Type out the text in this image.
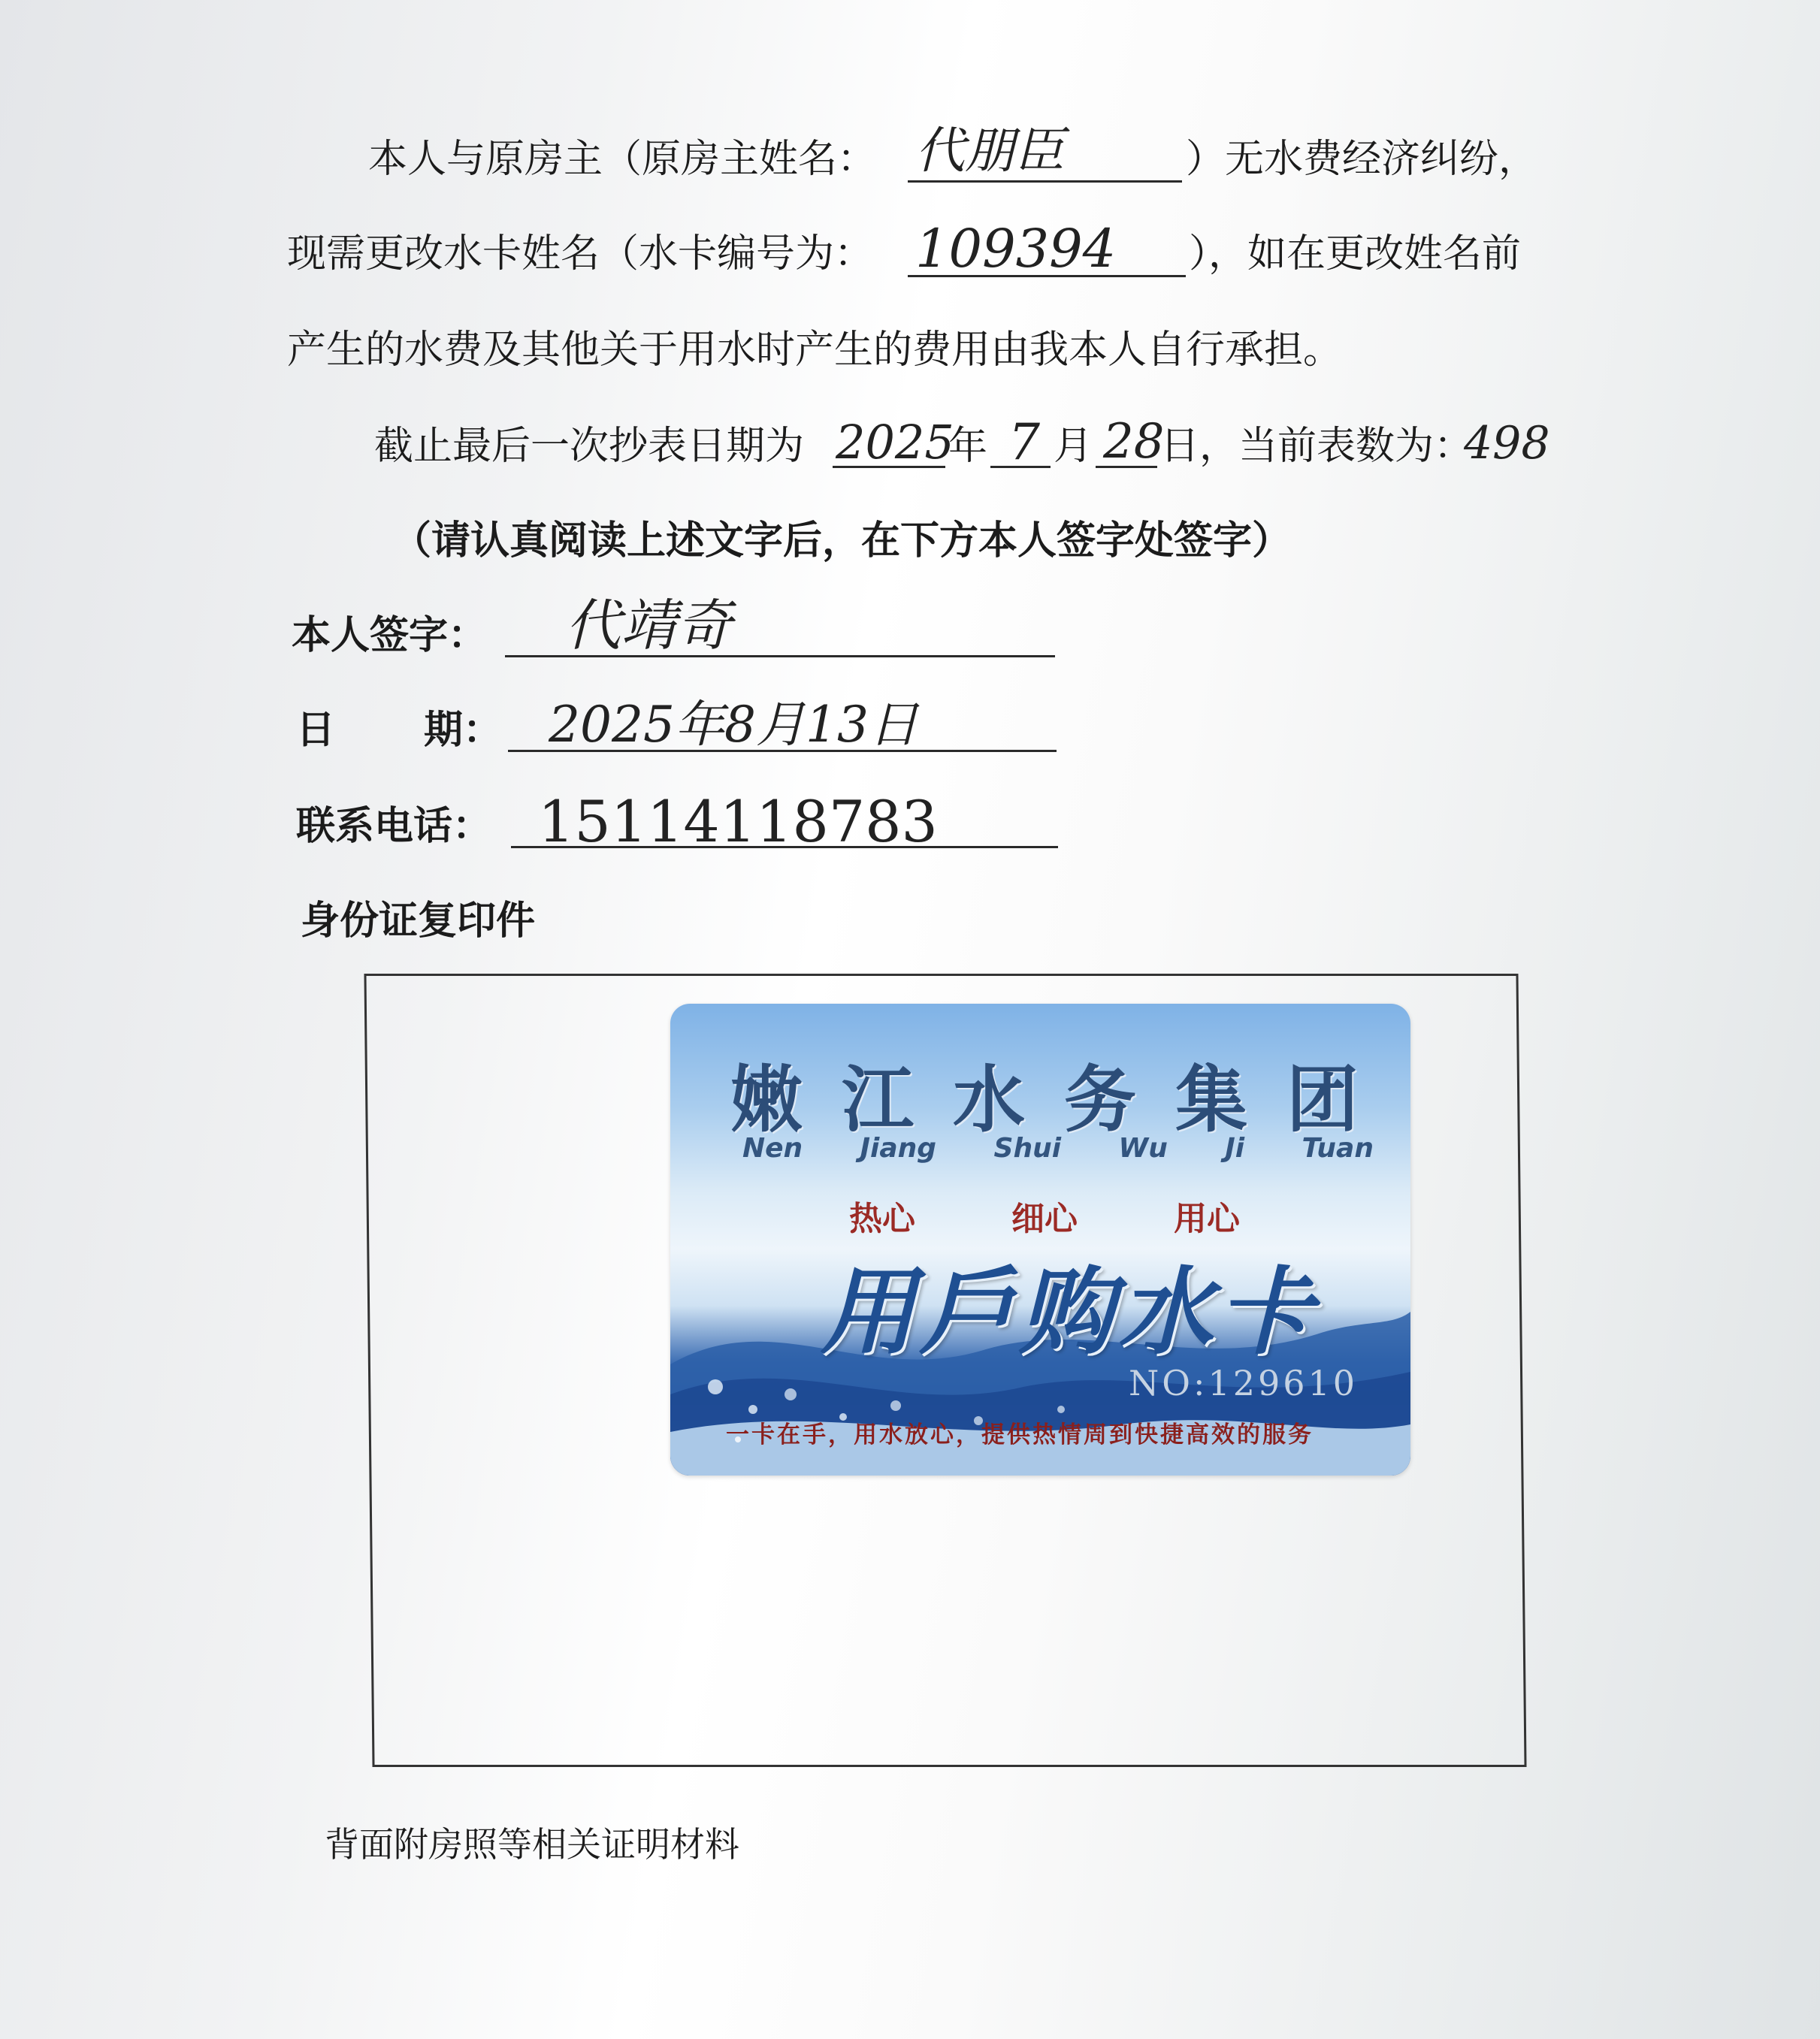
本人与原房主（原房主姓名： 代朋臣	）无水费经济纠纷，
现需更改水卡姓名（水卡编号为： 109394 ），如在更改姓名前
产生的水费及其他关于用水时产生的费用由我本人自行承担。
截止最后一次抄表日期为 2025
年 7 月 28
日，当前表数为：
498
（请认真阅读上述文字后，在下方本人签字处签字）
本人签字： 代靖奇
日 期： 2025年8月13日
联系电话： 15114118783
身份证复印件
嫩 江 水 务 集 团
Nen Jiang Shui Wu Ji Tuan
热心	细心	用心
用戶购水卡
NO:129610
一卡在手，用水放心，提供热情周到快捷高效的服务
背面附房照等相关证明材料
